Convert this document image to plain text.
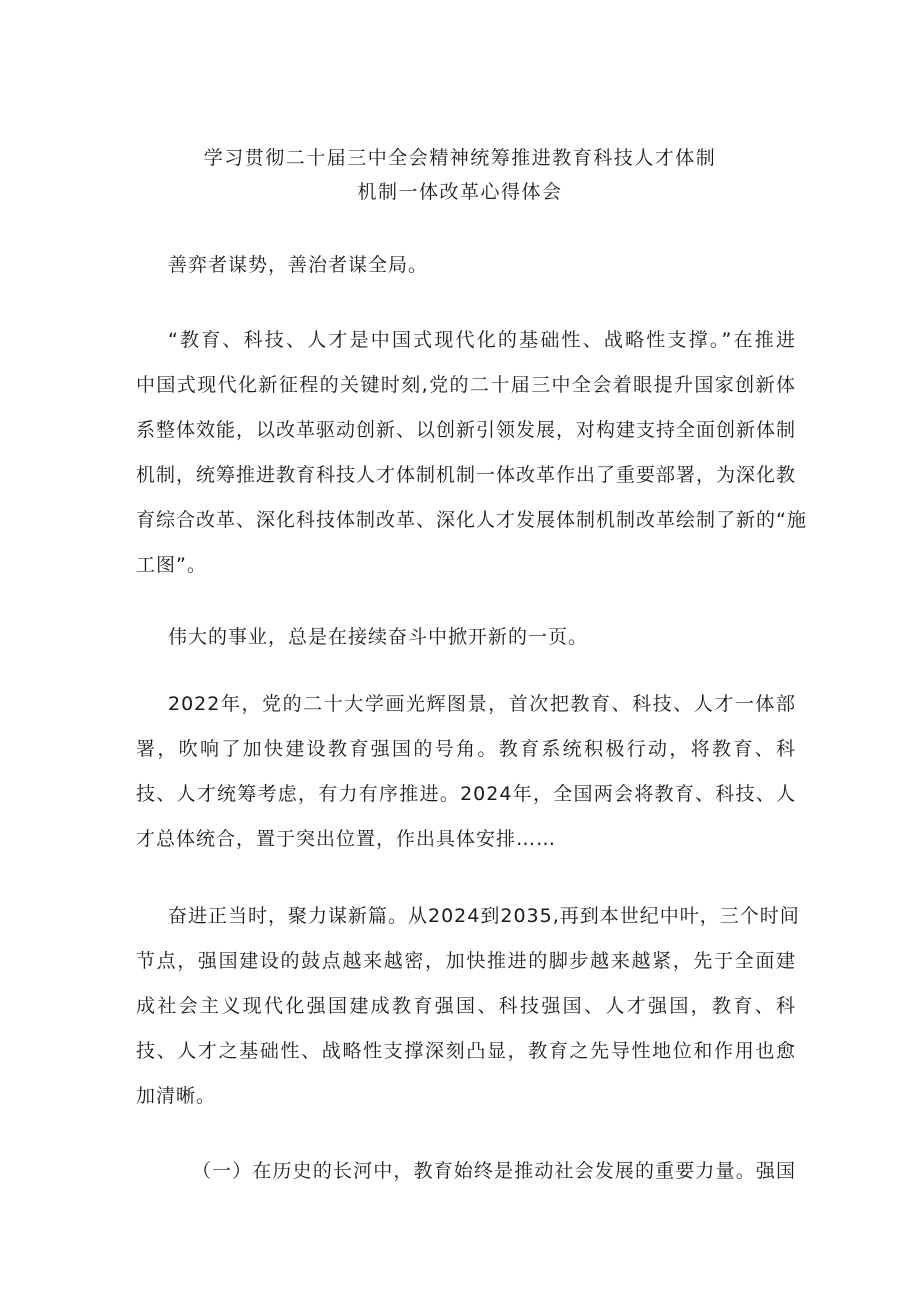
学习贯彻二十届三中全会精神统筹推进教育科技人才体制
机制一体改革心得体会
善弈者谋势，善治者谋全局。
“教育、科技、人才是中国式现代化的基础性、战略性支撑。”在推进
中国式现代化新征程的关键时刻,党的二十届三中全会着眼提升国家创新体
系整体效能，以改革驱动创新、以创新引领发展，对构建支持全面创新体制
机制，统筹推进教育科技人才体制机制一体改革作出了重要部署，为深化教
育综合改革、深化科技体制改革、深化人才发展体制机制改革绘制了新的“施
工图”。
伟大的事业，总是在接续奋斗中掀开新的一页。
2022年，党的二十大学画光辉图景，首次把教育、科技、人才一体部
署，吹响了加快建设教育强国的号角。教育系统积极行动，将教育、科
技、人才统筹考虑，有力有序推进。2024年，全国两会将教育、科技、人
才总体统合，置于突出位置，作出具体安排……
奋进正当时，聚力谋新篇。从2024到2035,再到本世纪中叶，三个时间
节点，强国建设的鼓点越来越密，加快推进的脚步越来越紧，先于全面建
成社会主义现代化强国建成教育强国、科技强国、人才强国，教育、科
技、人才之基础性、战略性支撑深刻凸显，教育之先导性地位和作用也愈
加清晰。
（一）在历史的长河中，教育始终是推动社会发展的重要力量。强国
